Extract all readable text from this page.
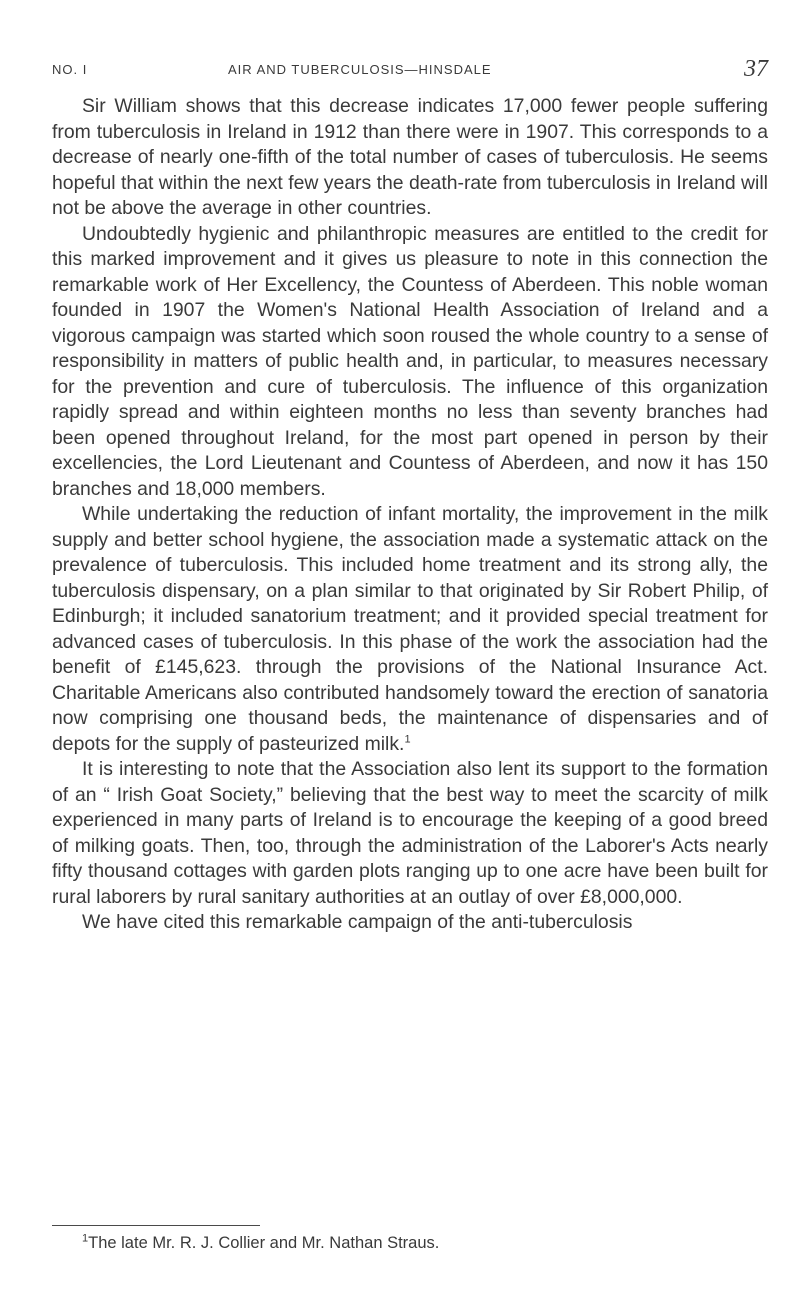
NO. I	AIR AND TUBERCULOSIS—HINSDALE	37

Sir William shows that this decrease indicates 17,000 fewer people suffering from tuberculosis in Ireland in 1912 than there were in 1907. This corresponds to a decrease of nearly one-fifth of the total number of cases of tuberculosis. He seems hopeful that within the next few years the death-rate from tuberculosis in Ireland will not be above the average in other countries.

Undoubtedly hygienic and philanthropic measures are entitled to the credit for this marked improvement and it gives us pleasure to note in this connection the remarkable work of Her Excellency, the Countess of Aberdeen. This noble woman founded in 1907 the Women's National Health Association of Ireland and a vigorous campaign was started which soon roused the whole country to a sense of responsibility in matters of public health and, in particular, to measures necessary for the prevention and cure of tuberculosis. The influence of this organization rapidly spread and within eighteen months no less than seventy branches had been opened throughout Ireland, for the most part opened in person by their excellencies, the Lord Lieutenant and Countess of Aberdeen, and now it has 150 branches and 18,000 members.

While undertaking the reduction of infant mortality, the improvement in the milk supply and better school hygiene, the association made a systematic attack on the prevalence of tuberculosis. This included home treatment and its strong ally, the tuberculosis dispensary, on a plan similar to that originated by Sir Robert Philip, of Edinburgh; it included sanatorium treatment; and it provided special treatment for advanced cases of tuberculosis. In this phase of the work the association had the benefit of £145,623. through the provisions of the National Insurance Act. Charitable Americans also contributed handsomely toward the erection of sanatoria now comprising one thousand beds, the maintenance of dispensaries and of depots for the supply of pasteurized milk.$^1$

It is interesting to note that the Association also lent its support to the formation of an “ Irish Goat Society,” believing that the best way to meet the scarcity of milk experienced in many parts of Ireland is to encourage the keeping of a good breed of milking goats. Then, too, through the administration of the Laborer's Acts nearly fifty thousand cottages with garden plots ranging up to one acre have been built for rural laborers by rural sanitary authorities at an outlay of over £8,000,000.

We have cited this remarkable campaign of the anti-tuberculosis

$^1$The late Mr. R. J. Collier and Mr. Nathan Straus.
